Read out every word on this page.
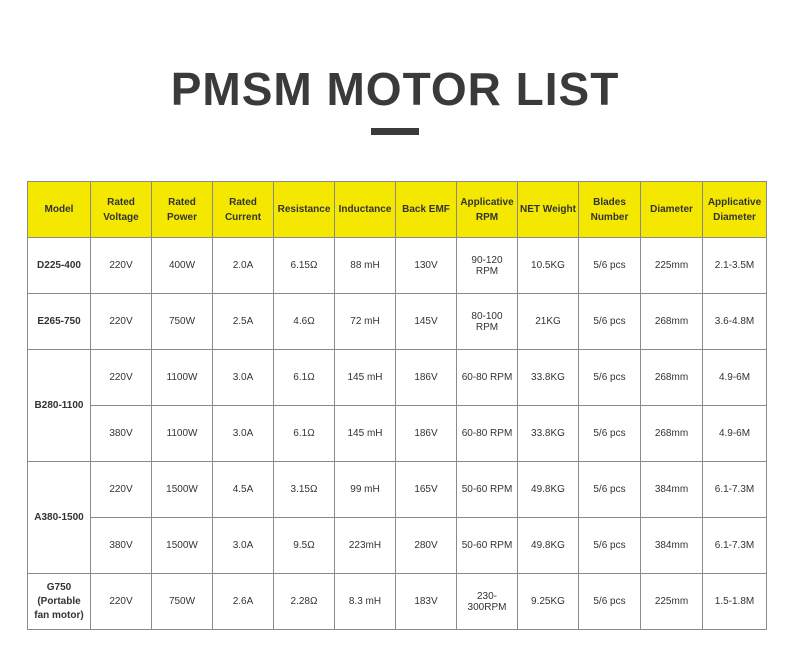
PMSM MOTOR LIST
Model	Rated Voltage	Rated Power	Rated Current	Resistance	Inductance	Back EMF	Applicative RPM	NET Weight	Blades Number	Diameter	Applicative Diameter
D225-400	220V	400W	2.0A	6.15Ω	88 mH	130V	90-120 RPM	10.5KG	5/6 pcs	225mm	2.1-3.5M
E265-750	220V	750W	2.5A	4.6Ω	72 mH	145V	80-100 RPM	21KG	5/6 pcs	268mm	3.6-4.8M
B280-1100	220V	1100W	3.0A	6.1Ω	145 mH	186V	60-80 RPM	33.8KG	5/6 pcs	268mm	4.9-6M
	380V	1100W	3.0A	6.1Ω	145 mH	186V	60-80 RPM	33.8KG	5/6 pcs	268mm	4.9-6M
A380-1500	220V	1500W	4.5A	3.15Ω	99 mH	165V	50-60 RPM	49.8KG	5/6 pcs	384mm	6.1-7.3M
	380V	1500W	3.0A	9.5Ω	223mH	280V	50-60 RPM	49.8KG	5/6 pcs	384mm	6.1-7.3M
G750 (Portable fan motor)	220V	750W	2.6A	2.28Ω	8.3 mH	183V	230-300RPM	9.25KG	5/6 pcs	225mm	1.5-1.8M
